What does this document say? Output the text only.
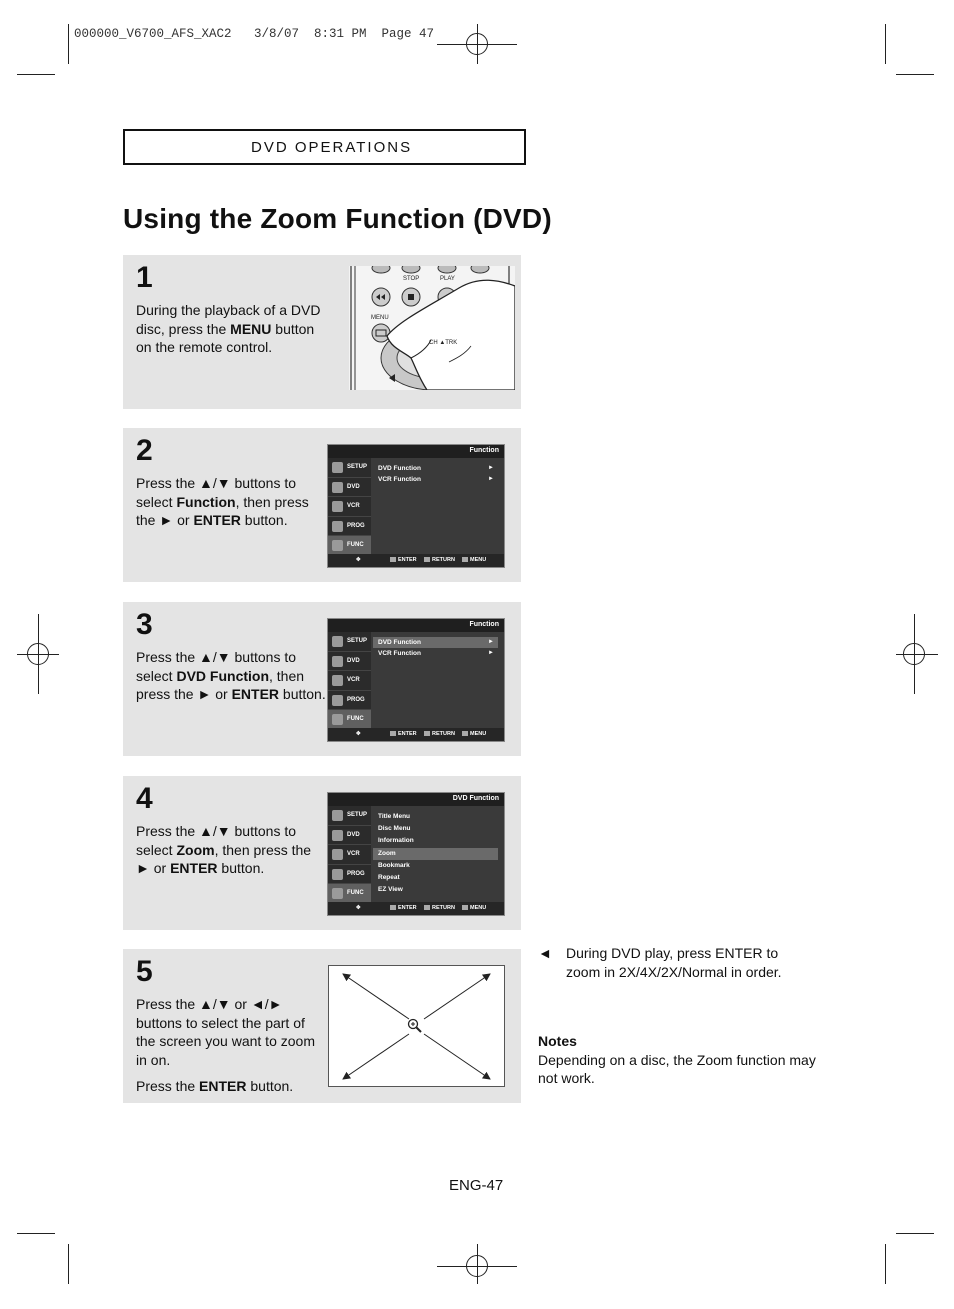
000000_V6700_AFS_XAC2   3/8/07  8:31 PM  Page 47
DVD OPERATIONS
Using the Zoom Function (DVD)
1
During the playback of a DVD disc, press the MENU button on the remote control.
STOP	PLAY
MENU
CH ▲TRK
2
Press the ▲/▼ buttons to select Function, then press the ► or ENTER button.
Function
SETUP
DVD
VCR
PROG
FUNC
DVD Function	►
VCR Function	►
✥	ENTER	RETURN	MENU
3
Press the ▲/▼ buttons to select DVD Function, then press the ► or ENTER button.
Function
SETUP
DVD
VCR
PROG
FUNC
DVD Function	►
VCR Function	►
✥	ENTER	RETURN	MENU
4
Press the ▲/▼ buttons to select Zoom, then press the ► or ENTER button.
DVD Function
SETUP
DVD
VCR
PROG
FUNC
Title Menu
Disc Menu
Information
Zoom
Bookmark
Repeat
EZ View
✥	ENTER	RETURN	MENU
5
Press the ▲/▼ or ◄/► buttons to select the part of the screen you want to zoom in on.
Press the ENTER button.
◄	During DVD play, press ENTER to zoom in 2X/4X/2X/Normal in order.
Notes
Depending on a disc, the Zoom function may not work.
ENG-47
